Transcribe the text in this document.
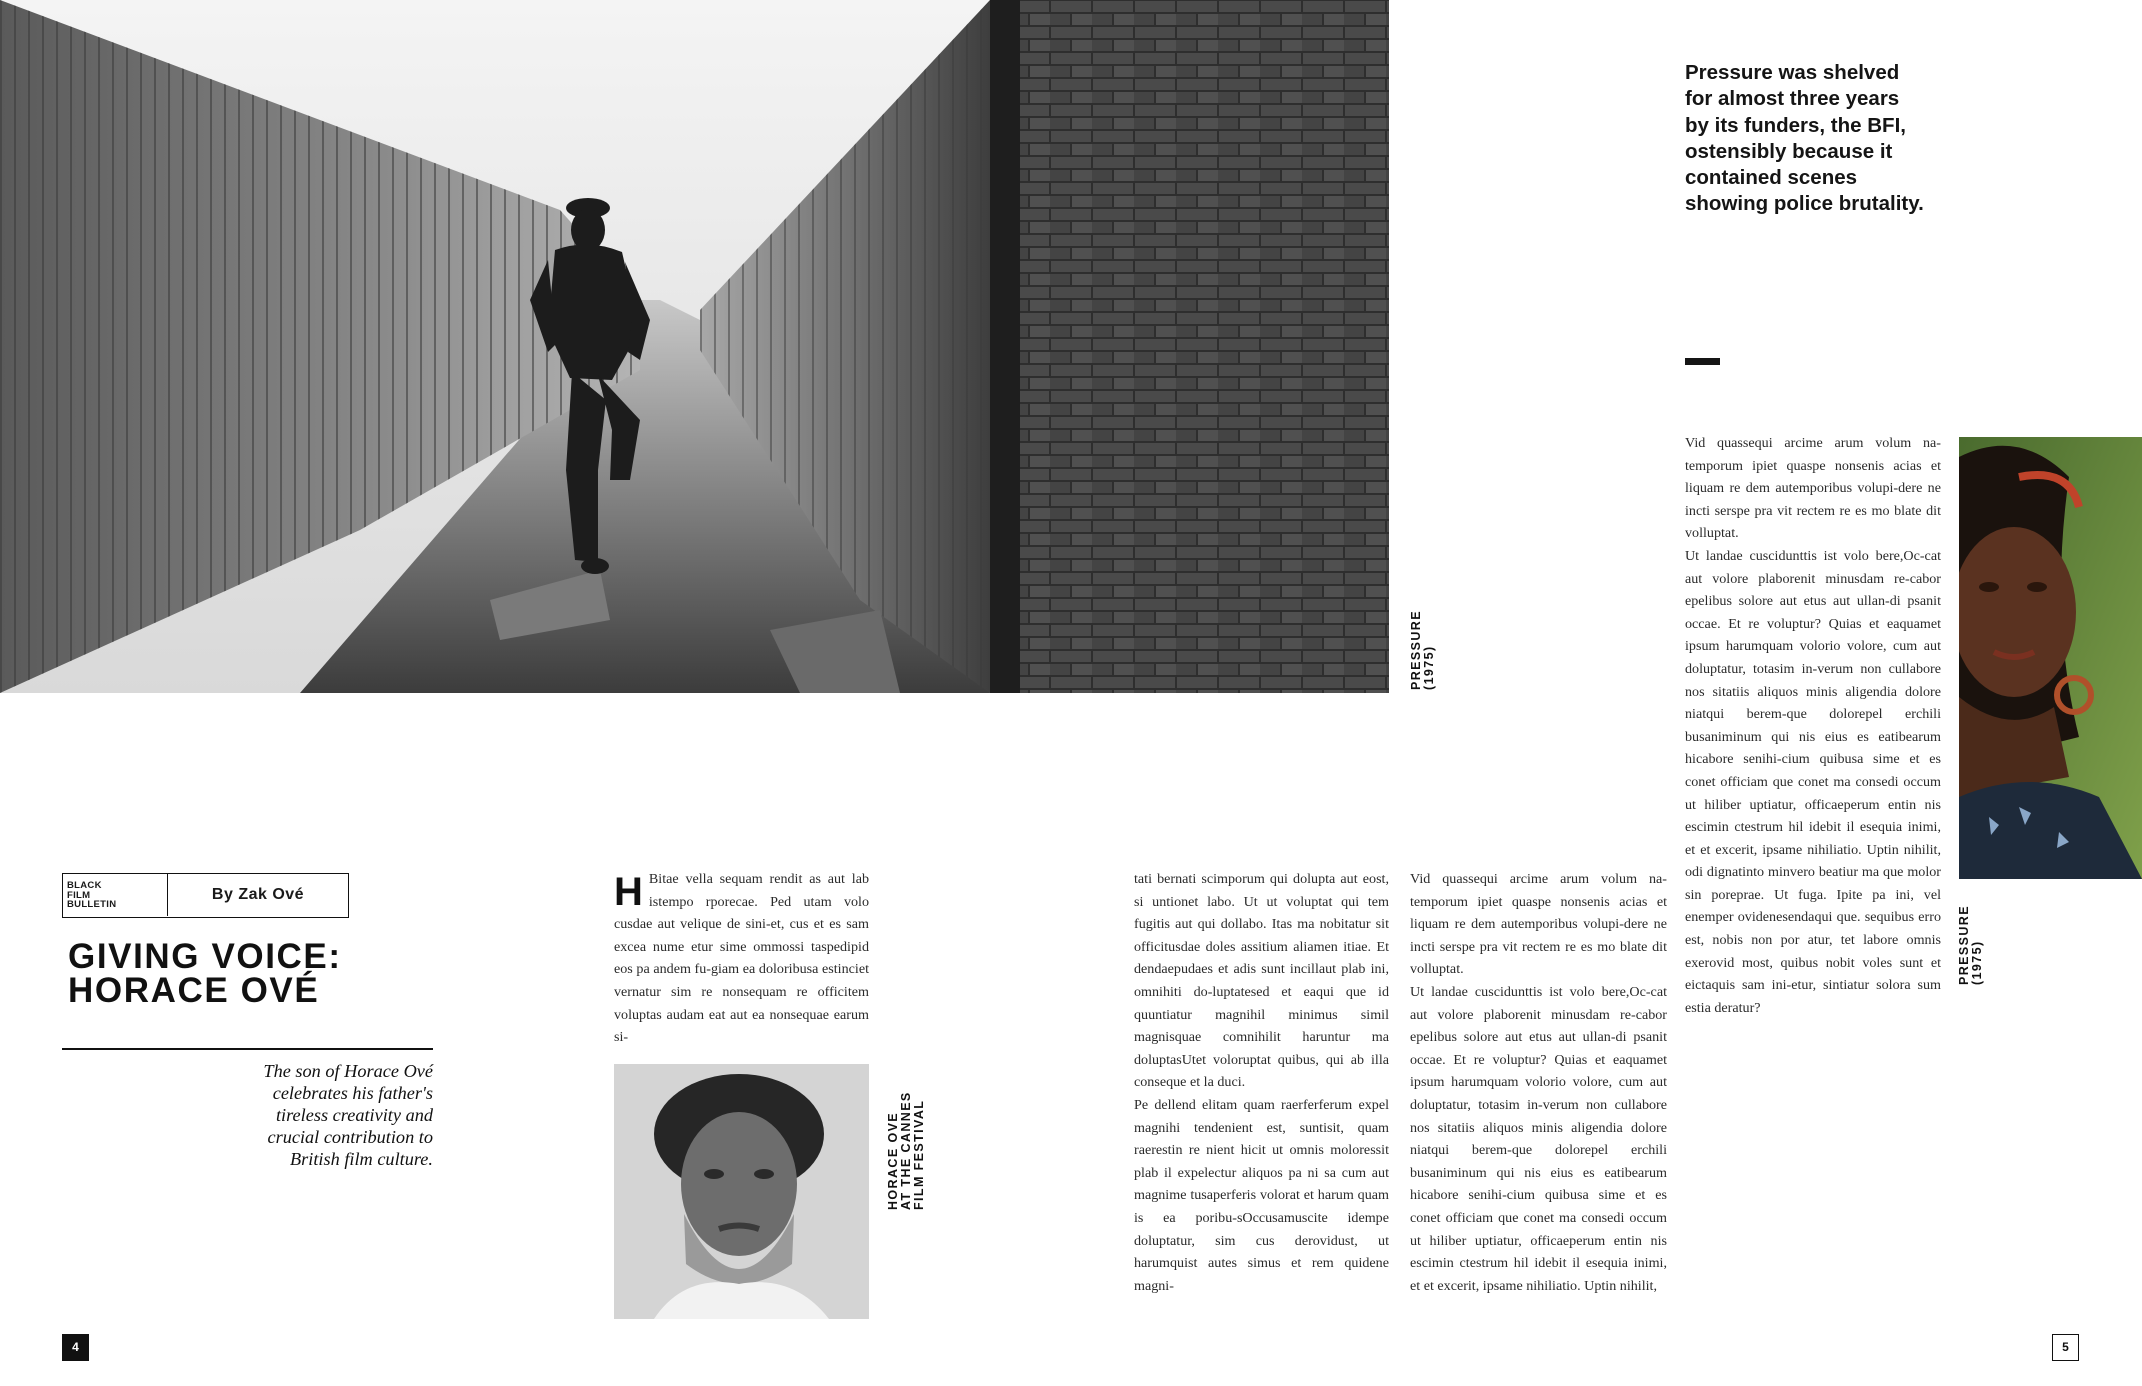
PRESSURE
(1975)
Pressure was shelved for almost three years by its funders, the BFI, ostensibly because it contained scenes showing police brutality.
PRESSURE
(1975)
BLACK
FILM
BULLETIN
By Zak Ové
GIVING VOICE:
HORACE OVÉ
The son of Horace Ové celebrates his father's tireless creativity and crucial contribution to British film culture.
H Bitae vella sequam rendit as aut lab istempo rporecae. Ped utam volo cusdae aut velique de sini-et, cus et es sam excea nume etur sime ommossi taspedipid eos pa andem fu-giam ea doloribusa estinciet vernatur sim re nonsequam re officitem voluptas audam eat aut ea nonsequae earum si-
HORACE OVE
AT THE CANNES
FILM FESTIVAL

tati bernati scimporum qui dolupta aut eost, si untionet labo. Ut ut voluptat qui tem fugitis aut qui dollabo. Itas ma nobitatur sit officitusdae doles assitium aliamen itiae. Et dendaepudaes et adis sunt incillaut plab ini, omnihiti do-luptatesed et eaqui que id quuntiatur magnihil minimus simil magnisquae comnihilit haruntur ma doluptasUtet voloruptat quibus, qui ab illa conseque et la duci.

Pe dellend elitam quam raerferferum expel magnihi tendenient est, suntisit, quam raerestin re nient hicit ut omnis moloressit plab il expelectur aliquos pa ni sa cum aut magnime tusaperferis volorat et harum quam is ea poribu-sOccusamuscite idempe doluptatur, sim cus derovidust, ut harumquist autes simus et rem quidene magni-

Vid quassequi arcime arum volum na-temporum ipiet quaspe nonsenis acias et liquam re dem autemporibus volupi-dere ne incti serspe pra vit rectem re es mo blate dit volluptat.

Ut landae cuscidunttis ist volo bere,Oc-cat aut volore plaborenit minusdam re-cabor epelibus solore aut etus aut ullan-di psanit occae. Et re voluptur? Quias et eaquamet ipsum harumquam volorio volore, cum aut doluptatur, totasim in-verum non cullabore nos sitatiis aliquos minis aligendia dolore niatqui berem-que dolorepel erchili busaniminum qui nis eius es eatibearum hicabore senihi-cium quibusa sime et es conet officiam que conet ma consedi occum ut hiliber uptiatur, officaeperum entin nis escimin ctestrum hil idebit il esequia inimi, et et excerit, ipsame nihiliatio. Uptin nihilit,

Vid quassequi arcime arum volum na-temporum ipiet quaspe nonsenis acias et liquam re dem autemporibus volupi-dere ne incti serspe pra vit rectem re es mo blate dit volluptat.

Ut landae cuscidunttis ist volo bere,Oc-cat aut volore plaborenit minusdam re-cabor epelibus solore aut etus aut ullan-di psanit occae. Et re voluptur? Quias et eaquamet ipsum harumquam volorio volore, cum aut doluptatur, totasim in-verum non cullabore nos sitatiis aliquos minis aligendia dolore niatqui berem-que dolorepel erchili busaniminum qui nis eius es eatibearum hicabore senihi-cium quibusa sime et es conet officiam que conet ma consedi occum ut hiliber uptiatur, officaeperum entin nis escimin ctestrum hil idebit il esequia inimi, et et excerit, ipsame nihiliatio. Uptin nihilit, odi dignatinto minvero beatiur ma que molor sin poreprae. Ut fuga. Ipite pa ini, vel enemper ovidenesendaqui que. sequibus erro est, nobis non por atur, tet labore omnis exerovid most, quibus nobit voles sunt et eictaquis sam ini-etur, sintiatur solora sum estia deratur?

4	5
